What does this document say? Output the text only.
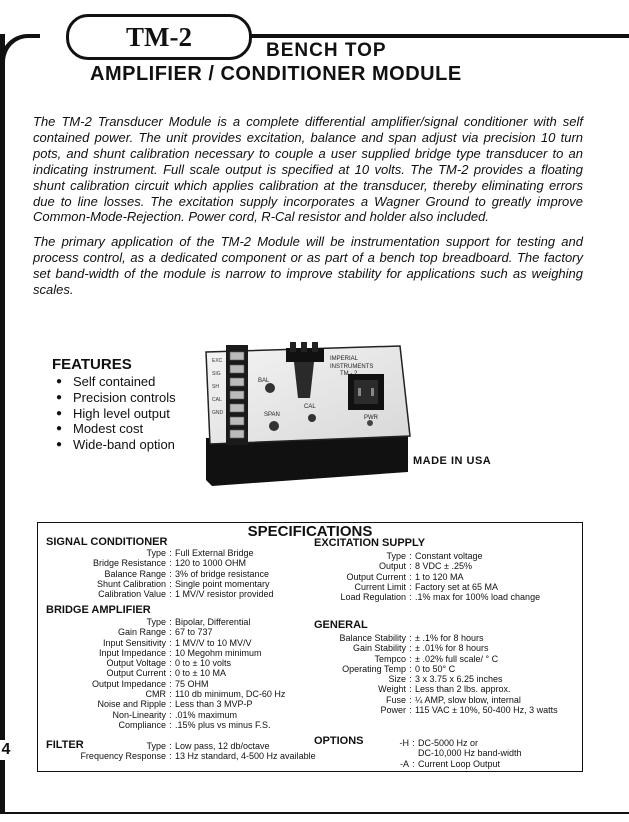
TM-2	BENCH TOP
AMPLIFIER / CONDITIONER MODULE

The TM-2 Transducer Module is a complete differential amplifier/signal conditioner with self contained power. The unit provides excitation, balance and span adjust via precision 10 turn pots, and shunt calibration necessary to couple a user supplied bridge type transducer to an indicating instrument. Full scale output is specified at 10 volts. The TM-2 provides a floating shunt calibration circuit which applies calibration at the transducer, thereby eliminating errors due to line losses. The excitation supply incorporates a Wagner Ground to greatly improve Common-Mode-Rejection. Power cord, R-Cal resistor and holder also included.

The primary application of the TM-2 Module will be instrumentation support for testing and process control, as a dedicated component or as part of a bench top breadboard. The factory set band-width of the module is narrow to improve stability for applications such as weighing scales.

FEATURES
● Self contained
● Precision controls
● High level output
● Modest cost
● Wide-band option
EXC
SIG
SH
CAL
GND
IMPERIAL
INSTRUMENTS
TM - 2
BAL
CAL
SPAN	PWR
MADE IN USA
SPECIFICATIONS
SIGNAL CONDITIONER
Type : Full External Bridge
Bridge Resistance : 120 to 1000 OHM
Balance Range : 3% of bridge resistance
Shunt Calibration : Single point momentary
Calibration Value : 1 MV/V resistor provided
BRIDGE AMPLIFIER
Type : Bipolar, Differential
Gain Range : 67 to 737
Input Sensitivity : 1 MV/V to 10 MV/V
Input Impedance : 10 Megohm minimum
Output Voltage : 0 to ± 10 volts
Output Current : 0 to ± 10 MA
Output Impedance : 75 OHM
CMR : 110 db minimum, DC-60 Hz
Noise and Ripple : Less than 3 MVP-P
Non-Linearity : .01% maximum
Compliance : .15% plus vs minus F.S.
FILTER	Type : Low pass, 12 db/octave
Frequency Response : 13 Hz standard, 4-500 Hz available
EXCITATION SUPPLY
Type : Constant voltage
Output : 8 VDC ± .25%
Output Current : 1 to 120 MA
Current Limit : Factory set at 65 MA
Load Regulation : .1% max for 100% load change
GENERAL
Balance Stability : ± .1% for 8 hours
Gain Stability : ± .01% for 8 hours
Tempco : ± .02% full scale/ ° C
Operating Temp : 0 to 50° C
Size : 3 x 3.75 x 6.25 inches
Weight : Less than 2 lbs. approx.
Fuse : ¼ AMP, slow blow, internal
Power : 115 VAC ± 10%, 50-400 Hz, 3 watts
OPTIONS	-H : DC-5000 Hz or
DC-10,000 Hz band-width
-A : Current Loop Output
4
